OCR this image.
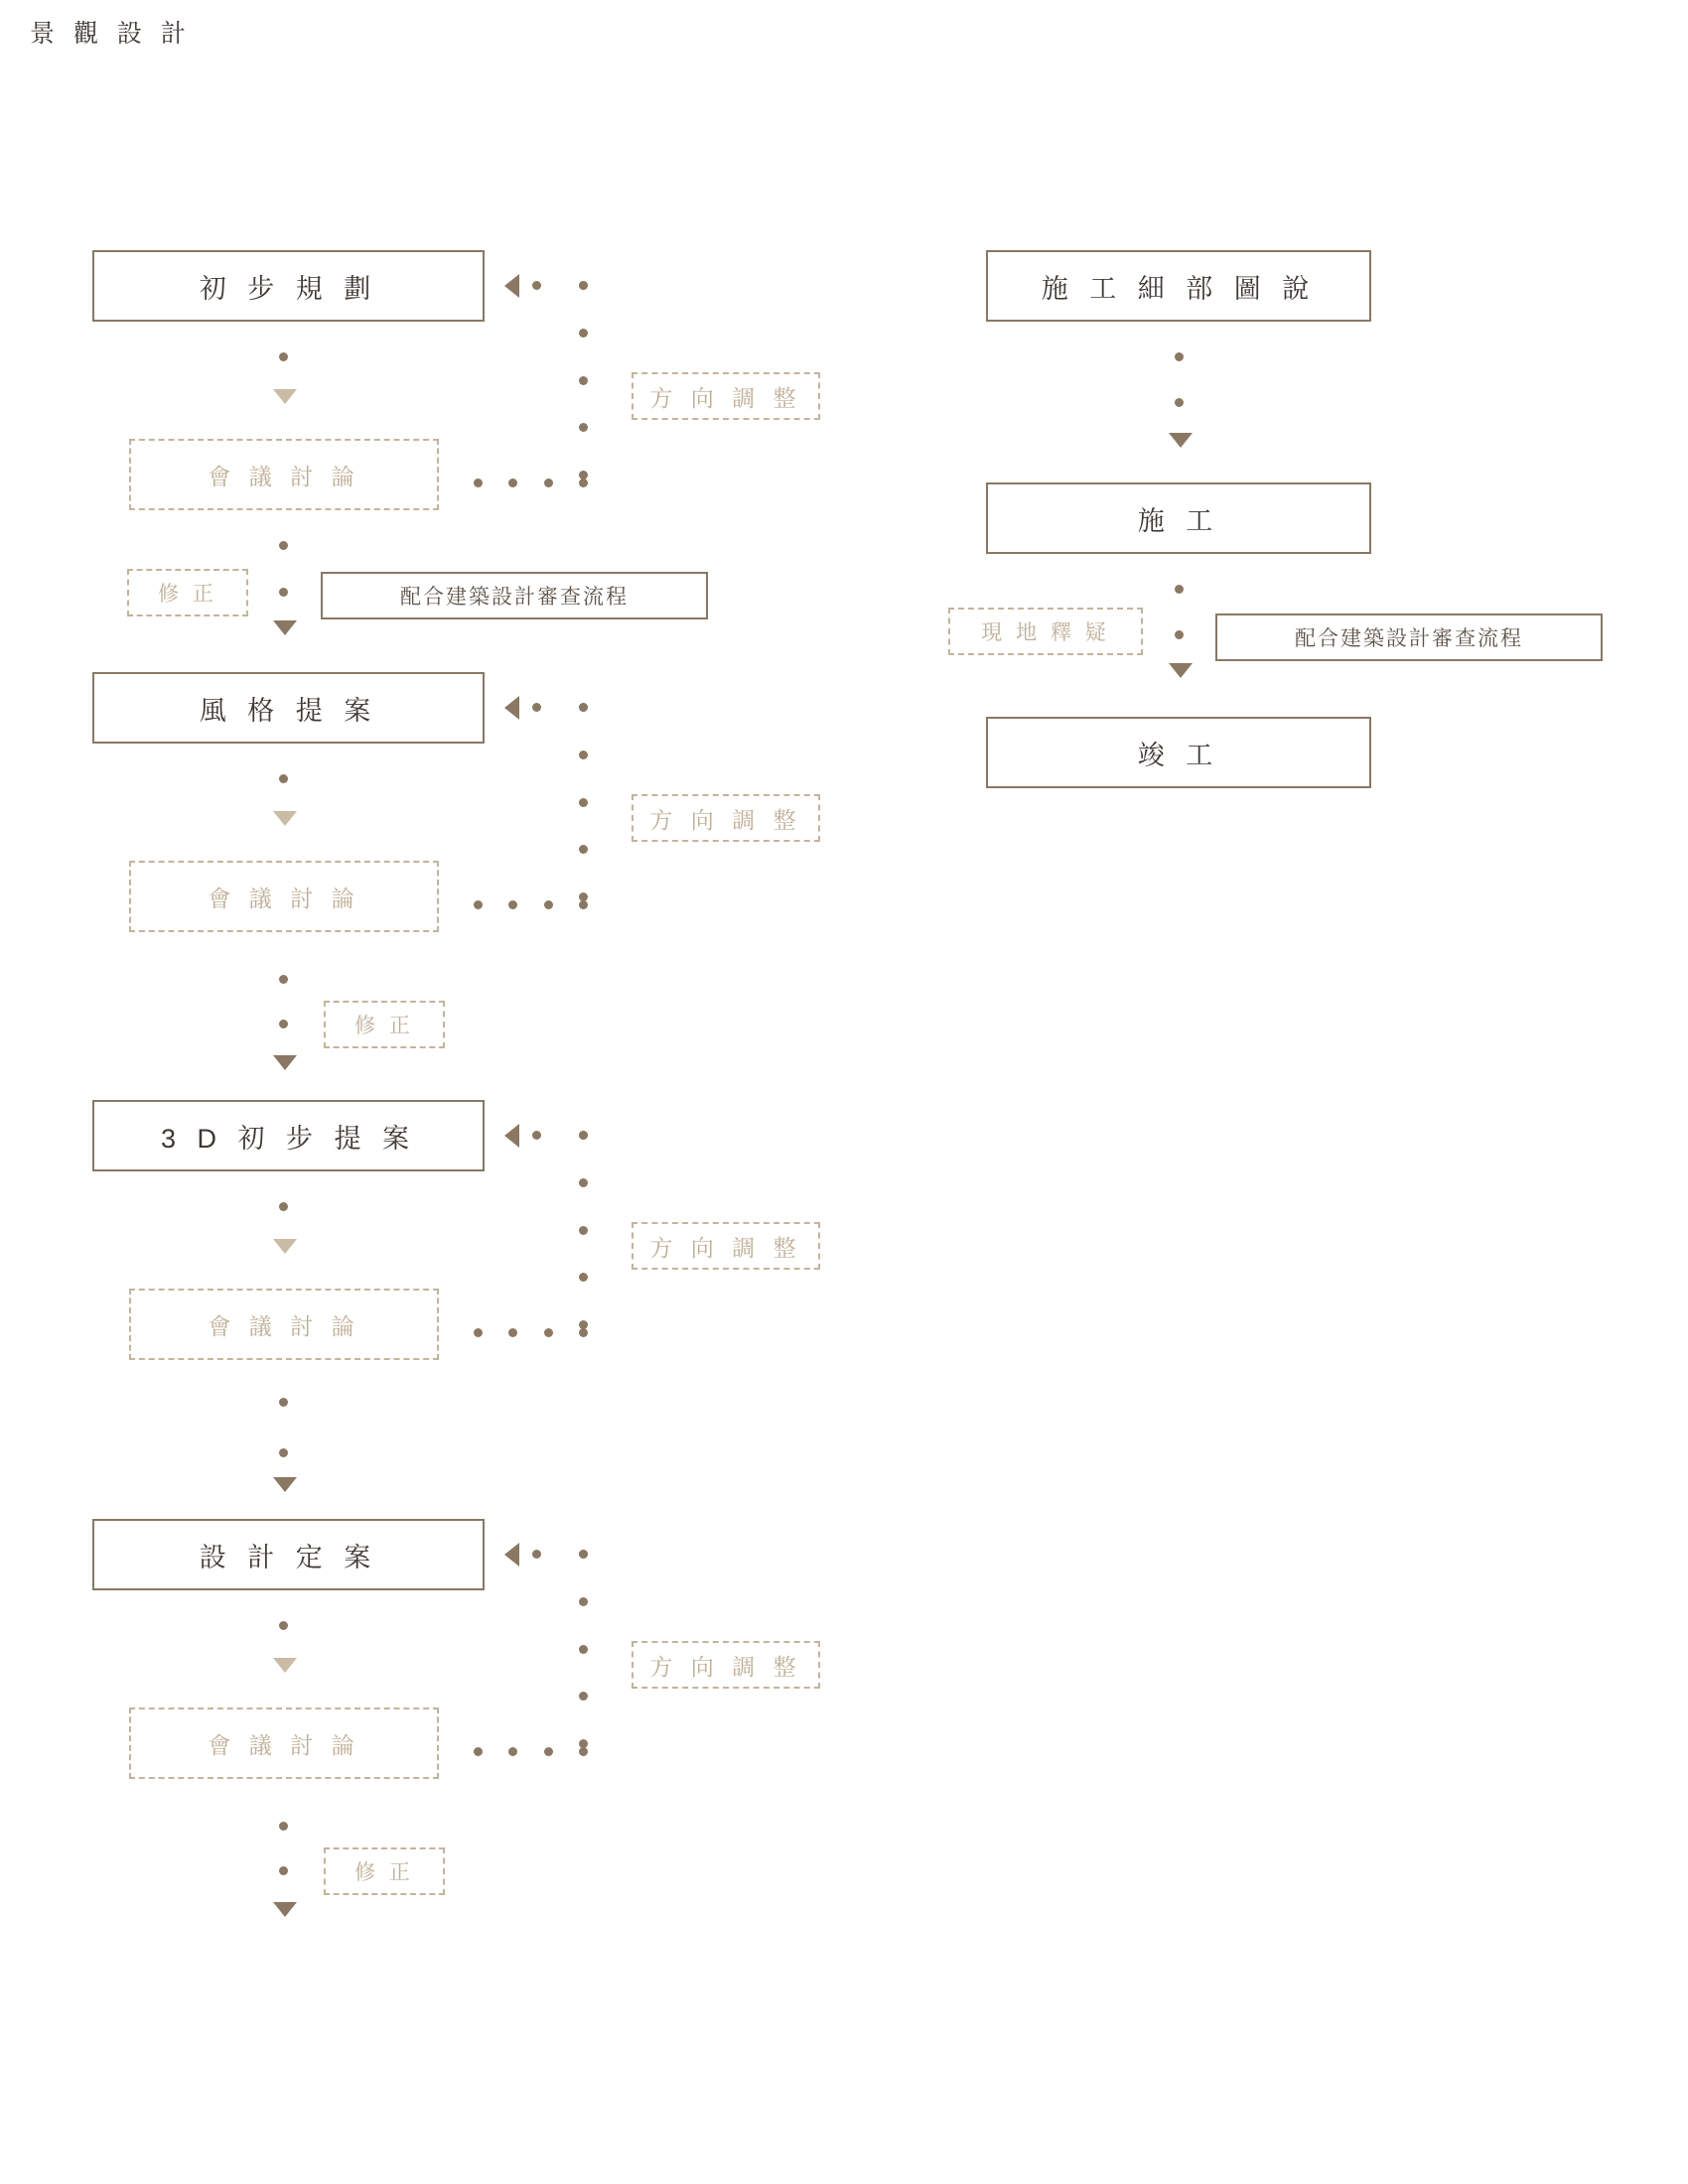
景 觀 設 計
初 步 規 劃
方 向 調 整
會 議 討 論
修 正	配合建築設計審查流程
風 格 提 案
方 向 調 整
會 議 討 論
修 正
3 D 初 步 提 案
方 向 調 整
會 議 討 論
設 計 定 案
方 向 調 整
會 議 討 論
修 正
施 工 細 部 圖 說
施 工
現 地 釋 疑	配合建築設計審查流程
竣 工
